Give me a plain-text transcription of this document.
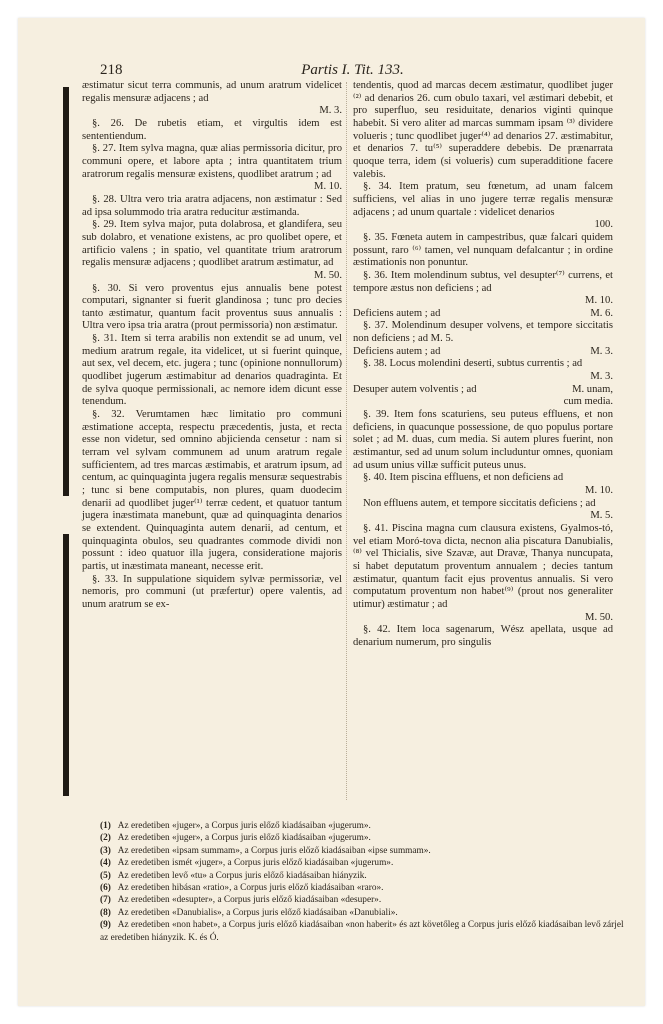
218	Partis I. Tit. 133.

æstimatur sicut terra communis, ad unum aratrum videlicet regalis mensuræ adjacens ; ad

M. 3.

§. 26. De rubetis etiam, et virgultis idem est sententiendum.

§. 27. Item sylva magna, quæ alias permissoria dicitur, pro communi opere, et labore apta ; intra quantitatem trium aratrorum regalis mensuræ existens, quodlibet aratrum ; ad

M. 10.

§. 28. Ultra vero tria aratra adjacens, non æstimatur : Sed ad ipsa solummodo tria aratra reducitur æstimanda.

§. 29. Item sylva major, puta dolabrosa, et glandifera, seu sub dolabro, et venatione existens, ac pro quolibet opere, et artificio valens ; in spatio, vel quantitate trium aratrorum regalis mensuræ adjacens ; quodlibet aratrum æstimatur, ad

M. 50.

§. 30. Si vero proventus ejus annualis bene potest computari, signanter si fuerit glandinosa ; tunc pro decies tanto æstimatur, quantum facit proventus suus annualis : Ultra vero ipsa tria aratra (prout permissoria) non æstimatur.

§. 31. Item si terra arabilis non extendit se ad unum, vel medium aratrum regale, ita videlicet, ut si fuerint quinque, aut sex, vel decem, etc. jugera ; tunc (opinione nonnullorum) quodlibet jugerum æstimabitur ad denarios quadraginta. Et de sylva quoque permissionali, ac nemore idem dicunt esse tenendum.

§. 32. Verumtamen hæc limitatio pro communi æstimatione accepta, respectu præcedentis, justa, et recta esse non videtur, sed omnino abjicienda censetur : nam si terram vel sylvam communem ad unum aratrum regale sufficientem, ad tres marcas æstimabis, et aratrum ipsum, ad centum, ac quinquaginta jugera regalis mensuræ sequestrabis ; tunc si bene computabis, non plures, quam duodecim denarii ad quodlibet juger⁽¹⁾ terræ cedent, et quatuor tantum jugera inæstimata manebunt, quæ ad quinquaginta denarios se extendent. Quinquaginta autem denarii, ad centum, et quinquaginta obulos, seu quadrantes commode dividi non possunt : ideo quatuor illa jugera, consideratione majoris partis, ut inæstimata maneant, necesse erit.

§. 33. In suppulatione siquidem sylvæ permissoriæ, vel nemoris, pro communi (ut præfertur) opere valentis, ad unum aratrum se ex-

tendentis, quod ad marcas decem æstimatur, quodlibet juger ⁽²⁾ ad denarios 26. cum obulo taxari, vel æstimari debebit, et pro superfluo, seu residuitate, denarios viginti quinque habebit. Si vero aliter ad marcas summam ipsam ⁽³⁾ dividere volueris ; tunc quodlibet juger⁽⁴⁾ ad denarios 27. æstimabitur, et denarios 7. tu⁽⁵⁾ superaddere debebis. De prænarrata quoque terra, idem (si volueris) cum superadditione facere valebis.

§. 34. Item pratum, seu fœnetum, ad unam falcem sufficiens, vel alias in uno jugere terræ regalis mensuræ adjacens ; ad unum quartale : videlicet denarios

100.

§. 35. Fœneta autem in campestribus, quæ falcari quidem possunt, raro ⁽⁶⁾ tamen, vel nunquam defalcantur ; in ordine æstimationis non ponuntur.

§. 36. Item molendinum subtus, vel desupter⁽⁷⁾ currens, et tempore æstus non deficiens ; ad

M. 10.

Deficiens autem ; ad	M. 6.

§. 37. Molendinum desuper volvens, et tempore siccitatis non deficiens ; ad M. 5.

Deficiens autem ; ad	M. 3.

§. 38. Locus molendini deserti, subtus currentis ; ad

M. 3.

Desuper autem volventis ; ad	M. unam,

cum media.

§. 39. Item fons scaturiens, seu puteus effluens, et non deficiens, in quacunque possessione, de quo populus portare solet ; ad M. duas, cum media. Si autem plures fuerint, non æstimantur, sed ad unum solum includuntur omnes, quoniam ad usum unius villæ sufficit puteus unus.

§. 40. Item piscina effluens, et non deficiens ad

M. 10.

Non effluens autem, et tempore siccitatis deficiens ; ad

M. 5.

§. 41. Piscina magna cum clausura existens, Gyalmos-tó, vel etiam Moró-tova dicta, necnon alia piscatura Danubialis,⁽⁸⁾ vel Thicialis, sive Szavæ, aut Dravæ, Thanya nuncupata, si habet deputatum proventum annualem ; decies tantum æstimatur, quantum facit ejus proventus annualis. Si vero computatum proventum non habet⁽⁹⁾ (prout nos generaliter utimur) æstimatur ; ad

M. 50.

§. 42. Item loca sagenarum, Wész apellata, usque ad denarium numerum, pro singulis

(1) Az eredetiben «juger», a Corpus juris előző kiadásaiban «jugerum».

(2) Az eredetiben «juger», a Corpus juris előző kiadásaiban «jugerum».

(3) Az eredetiben «ipsam summam», a Corpus juris előző kiadásaiban «ipse summam».

(4) Az eredetiben ismét «juger», a Corpus juris előző kiadásaiban «jugerum».

(5) Az eredetiben levő «tu» a Corpus juris előző kiadásaiban hiányzik.

(6) Az eredetiben hibásan «ratio», a Corpus juris előző kiadásaiban «raro».

(7) Az eredetiben «desupter», a Corpus juris előző kiadásaiban «desuper».

(8) Az eredetiben «Danubialis», a Corpus juris előző kiadásaiban «Danubiali».

(9) Az eredetiben «non habet», a Corpus juris előző kiadásaiban «non haberit» és azt követőleg a Corpus juris előző kiadásaiban levő zárjel az eredetiben hiányzik. K. és Ó.
